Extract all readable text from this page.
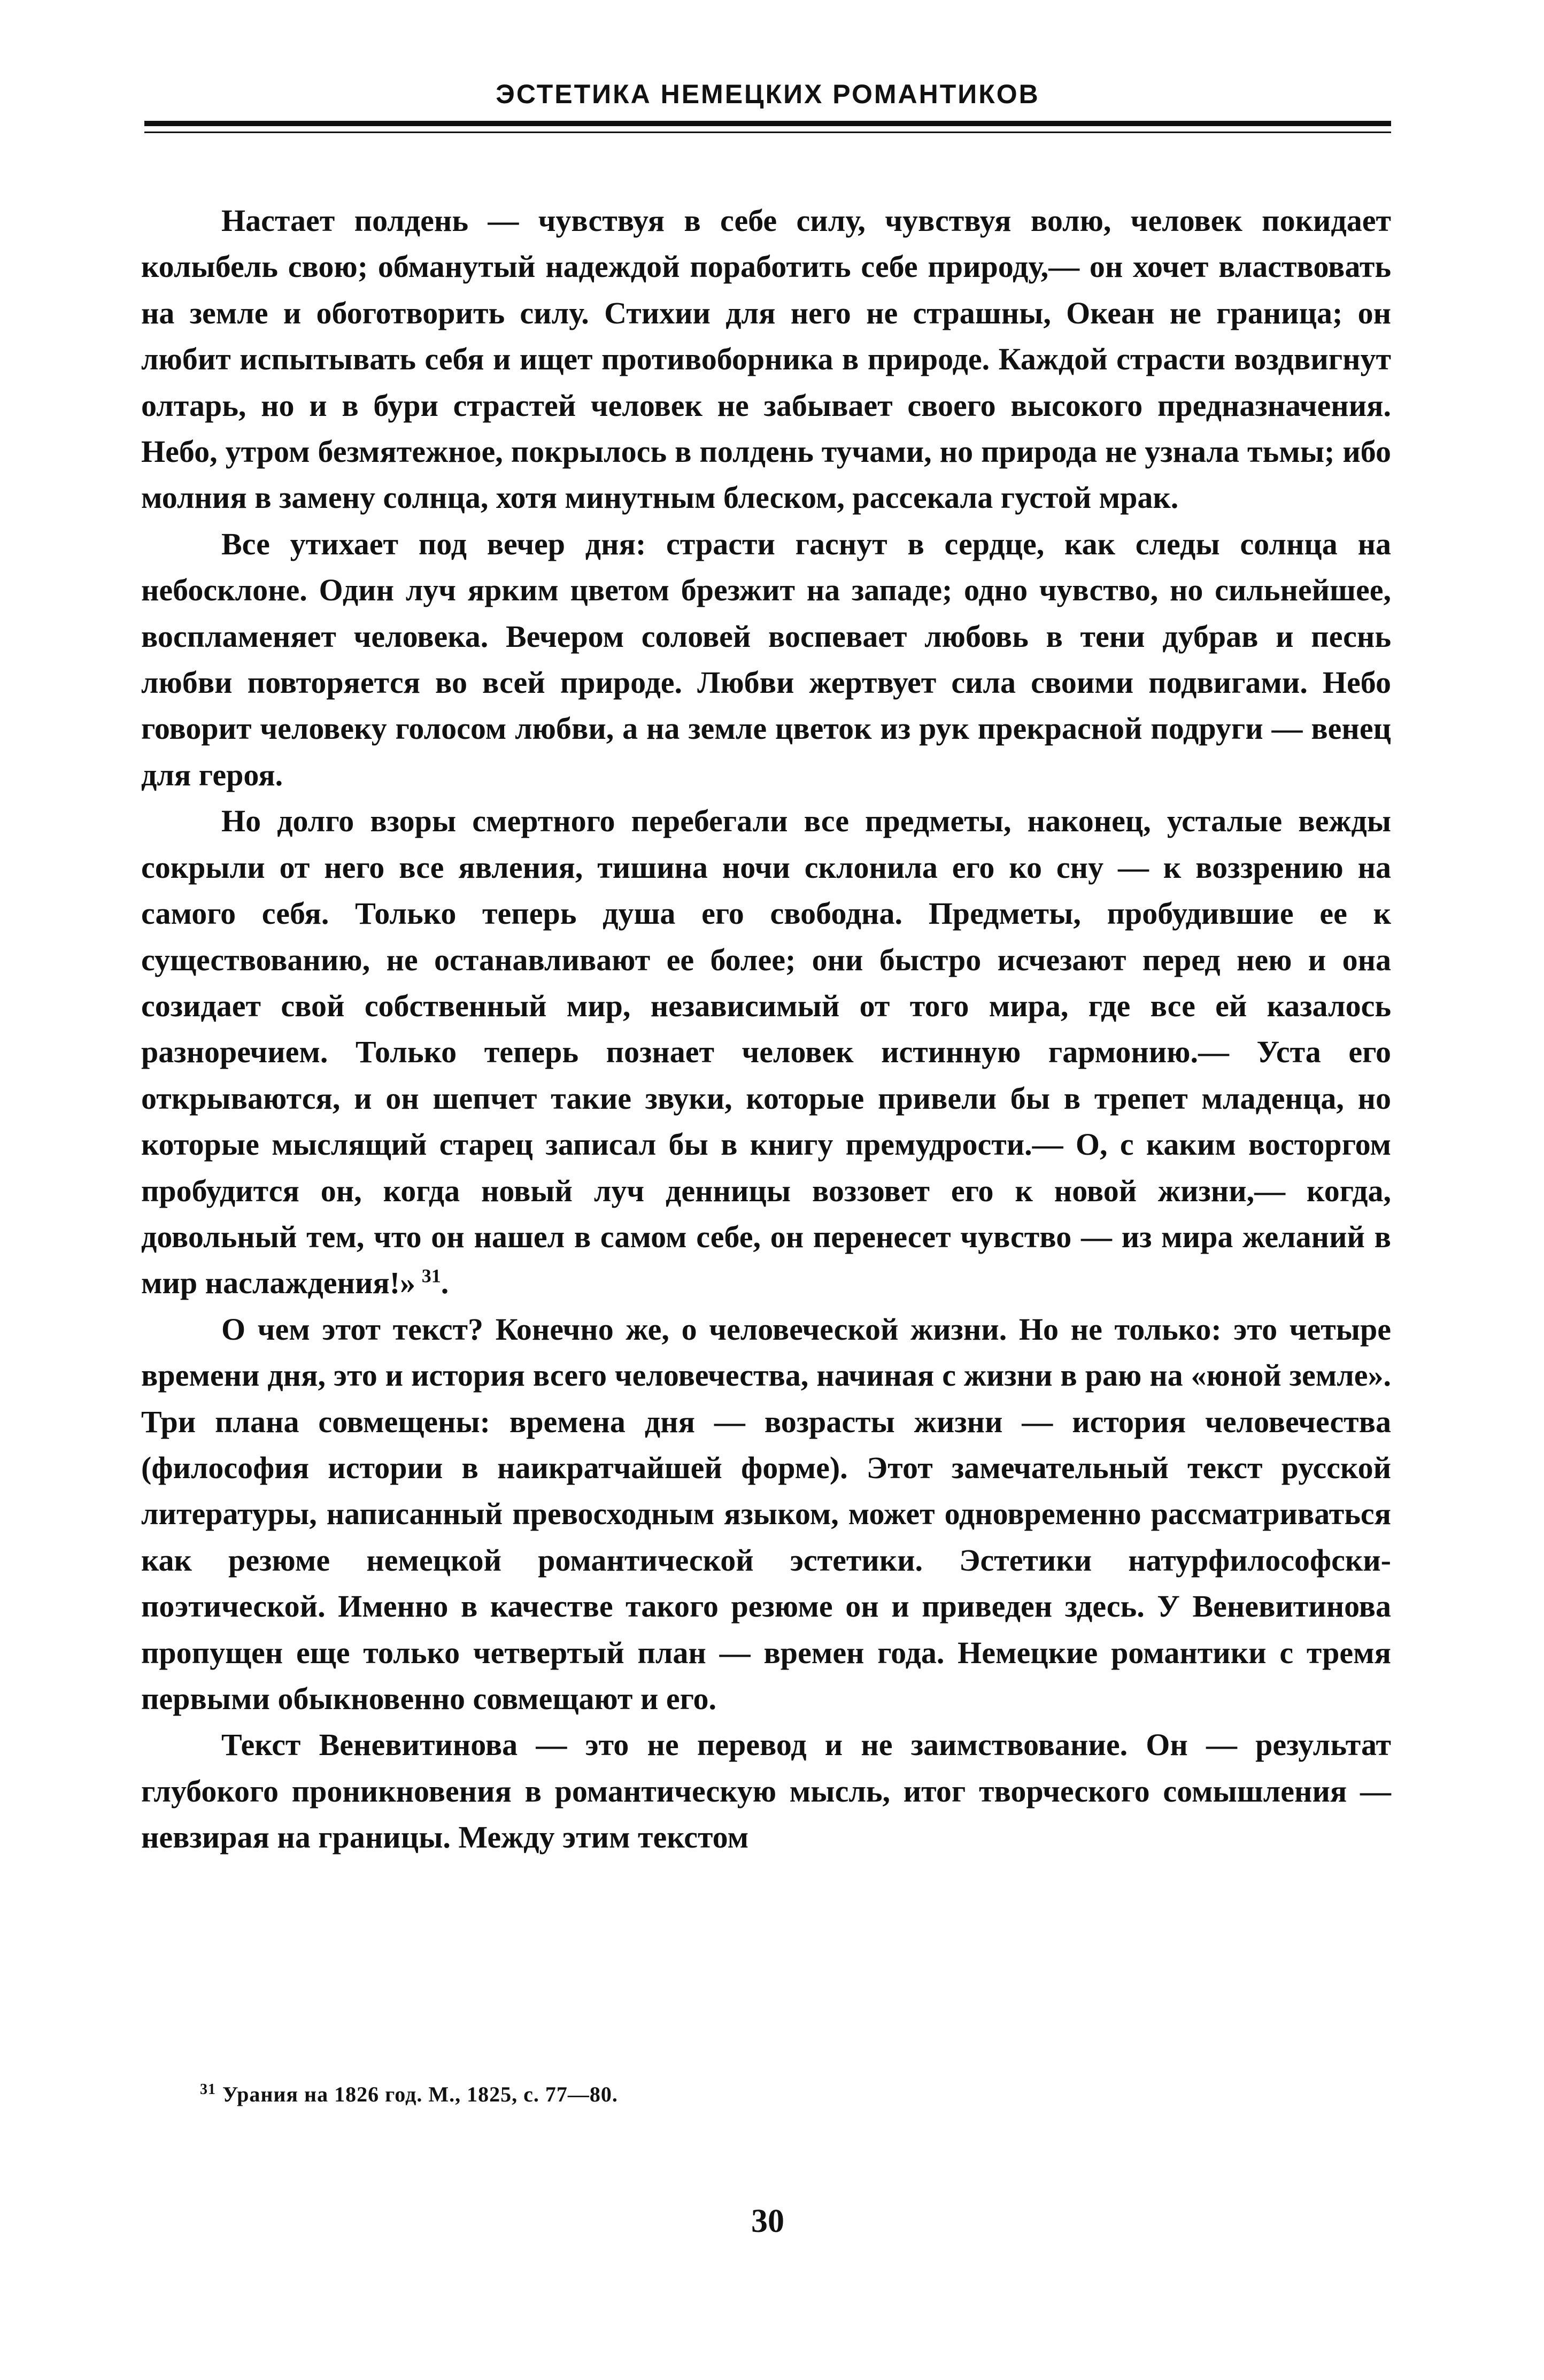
ЭСТЕТИКА НЕМЕЦКИХ РОМАНТИКОВ

Настает полдень — чувствуя в себе силу, чувствуя волю, человек покидает колыбель свою; обманутый надеждой поработить себе природу,— он хочет властвовать на земле и обоготворить силу. Стихии для него не страшны, Океан не граница; он любит испытывать себя и ищет противоборника в природе. Каждой страсти воздвигнут олтарь, но и в бури страстей человек не забывает своего высокого предназначения. Небо, утром безмятежное, покрылось в полдень тучами, но природа не узнала тьмы; ибо молния в замену солнца, хотя минутным блеском, рассекала густой мрак.

Все утихает под вечер дня: страсти гаснут в сердце, как следы солнца на небосклоне. Один луч ярким цветом брезжит на западе; одно чувство, но сильнейшее, воспламеняет человека. Вечером соловей воспевает любовь в тени дубрав и песнь любви повторяется во всей природе. Любви жертвует сила своими подвигами. Небо говорит человеку голосом любви, а на земле цветок из рук прекрасной подруги — венец для героя.

Но долго взоры смертного перебегали все предметы, наконец, усталые вежды сокрыли от него все явления, тишина ночи склонила его ко сну — к воззрению на самого себя. Только теперь душа его свободна. Предметы, пробудившие ее к существованию, не останавливают ее более; они быстро исчезают перед нею и она созидает свой собственный мир, независимый от того мира, где все ей казалось разноречием. Только теперь познает человек истинную гармонию.— Уста его открываются, и он шепчет такие звуки, которые привели бы в трепет младенца, но которые мыслящий старец записал бы в книгу премудрости.— О, с каким восторгом пробудится он, когда новый луч денницы воззовет его к новой жизни,— когда, довольный тем, что он нашел в самом себе, он перенесет чувство — из мира желаний в мир наслаждения!»  $^{31}$.

О чем этот текст? Конечно же, о человеческой жизни. Но не только: это четыре времени дня, это и история всего человечества, начиная с жизни в раю на «юной земле». Три плана совмещены: времена дня — возрасты жизни — история человечества (философия истории в наикратчайшей форме). Этот замечательный текст русской литературы, написанный превосходным языком, может одновременно рассматриваться как резюме немецкой романтической эстетики. Эстетики натурфилософски-поэтической. Именно в качестве такого резюме он и приведен здесь. У Веневитинова пропущен еще только четвертый план — времен года. Немецкие романтики с тремя первыми обыкновенно совмещают и его.

Текст Веневитинова — это не перевод и не заимствование. Он — результат глубокого проникновения в романтическую мысль, итог творческого сомышления — невзирая на границы. Между этим текстом

$^{31}$ Урания на 1826 год. М., 1825, с. 77—80.
30
